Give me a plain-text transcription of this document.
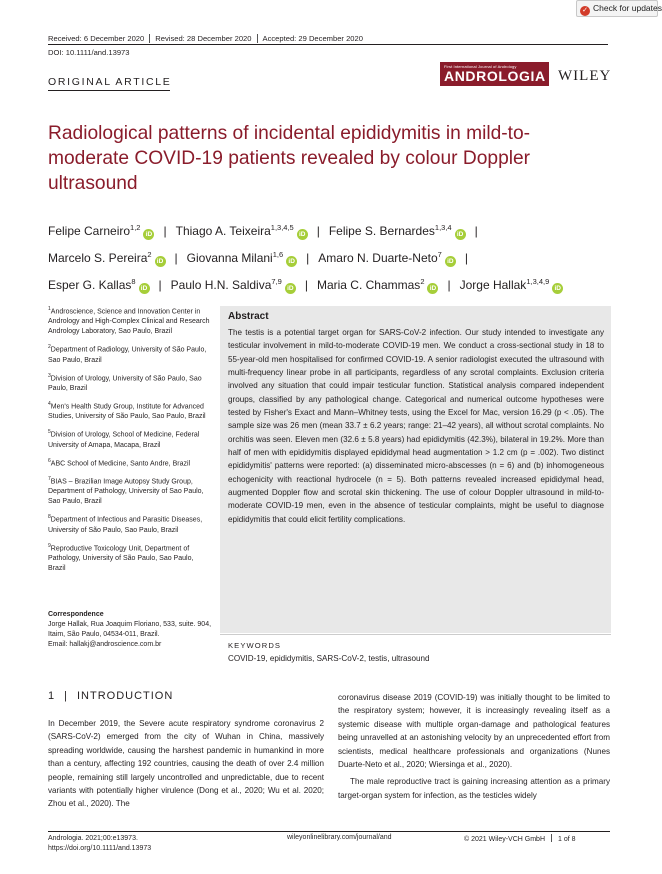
✓ Check for updates
Received: 6 December 2020 Revised: 28 December 2020 Accepted: 29 December 2020
DOI: 10.1111/and.13973
ORIGINAL ARTICLE
First International Journal of Andrology
ANDROLOGIA WILEY
Radiological patterns of incidental epididymitis in mild-to-moderate COVID-19 patients revealed by colour Doppler ultrasound
Felipe Carneiro$^{1,2}$iD | Thiago A. Teixeira$^{1,3,4,5}$iD | Felipe S. Bernardes$^{1,3,4}$iD |
Marcelo S. Pereira$^2$iD | Giovanna Milani$^{1,6}$iD | Amaro N. Duarte-Neto$^7$iD |
Esper G. Kallas$^8$iD | Paulo H.N. Saldiva$^{7,9}$iD | Maria C. Chammas$^2$iD | Jorge Hallak$^{1,3,4,9}$iD
$^1$Androscience, Science and Innovation Center in Andrology and High-Complex Clinical and Research Andrology Laboratory, Sao Paulo, Brazil
$^2$Department of Radiology, University of São Paulo, Sao Paulo, Brazil
$^3$Division of Urology, University of São Paulo, Sao Paulo, Brazil
$^4$Men's Health Study Group, Institute for Advanced Studies, University of São Paulo, Sao Paulo, Brazil
$^5$Division of Urology, School of Medicine, Federal University of Amapa, Macapa, Brazil
$^6$ABC School of Medicine, Santo Andre, Brazil
$^7$BIAS – Brazilian Image Autopsy Study Group, Department of Pathology, University of Sao Paulo, Sao Paulo, Brazil
$^8$Department of Infectious and Parasitic Diseases, University of São Paulo, Sao Paulo, Brazil
$^9$Reproductive Toxicology Unit, Department of Pathology, University of São Paulo, Sao Paulo, Brazil
Correspondence
Jorge Hallak, Rua Joaquim Floriano, 533, suite. 904, Itaim, São Paulo, 04534-011, Brazil.
Email: hallakj@androscience.com.br
Abstract
The testis is a potential target organ for SARS-CoV-2 infection. Our study intended to investigate any testicular involvement in mild-to-moderate COVID-19 men. We conduct a cross-sectional study in 18 to 55-year-old men hospitalised for confirmed COVID-19. A senior radiologist executed the ultrasound with multi-frequency linear probe in all participants, regardless of any scrotal complaints. Exclusion criteria involved any situation that could impair testicular function. Statistical analysis compared independent groups, classified by any pathological change. Categorical and numerical outcome hypotheses were tested by Fisher's Exact and Mann–Whitney tests, using the Excel for Mac, version 16.29 (p < .05). The sample size was 26 men (mean 33.7 ± 6.2 years; range: 21–42 years), all without scrotal complaints. No orchitis was seen. Eleven men (32.6 ± 5.8 years) had epididymitis (42.3%), bilateral in 19.2%. More than half of men with epididymitis displayed epididymal head augmentation > 1.2 cm (p = .002). Two distinct epididymitis' patterns were reported: (a) disseminated micro-abscesses (n = 6) and (b) inhomogeneous echogenicity with reactional hydrocele (n = 5). Both patterns revealed increased epididymal head, augmented Doppler flow and scrotal skin thickening. The use of colour Doppler ultrasound in mild-to-moderate COVID-19 men, even in the absence of testicular complaints, might be useful to diagnose epididymitis that could elicit fertility complications.
KEYWORDS
COVID-19, epididymitis, SARS-CoV-2, testis, ultrasound
1 | INTRODUCTION

In December 2019, the Severe acute respiratory syndrome coronavirus 2 (SARS-CoV-2) emerged from the city of Wuhan in China, massively spreading worldwide, causing the harshest pandemic in humankind in more than a century, affecting 192 countries, causing the death of over 2.4 million people, remaining still largely uncontrolled and unpredictable, due to recent variants with potentially higher virulence (Dong et al., 2020; Wu et al. 2020; Zhou et al., 2020). The

coronavirus disease 2019 (COVID-19) was initially thought to be limited to the respiratory system; however, it is increasingly revealing itself as a systemic disease with multiple organ-damage and pathological features being unravelled at an astonishing velocity by an unprecedented effort from scientists, medical healthcare professionals and organizations (Nunes Duarte-Neto et al., 2020; Wiersinga et al., 2020).

The male reproductive tract is gaining increasing attention as a primary target-organ system for infection, as the testicles widely

Andrologia. 2021;00:e13973.
https://doi.org/10.1111/and.13973
wileyonlinelibrary.com/journal/and	© 2021 Wiley-VCH GmbH 1 of 8
